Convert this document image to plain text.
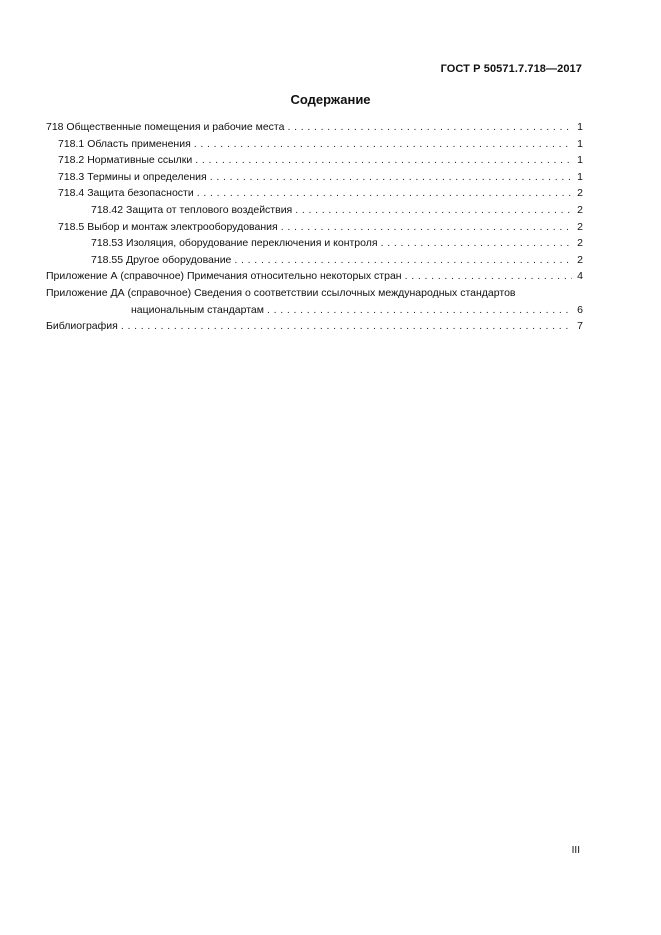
ГОСТ Р 50571.7.718—2017
Содержание
718 Общественные помещения и рабочие места . . .	1
718.1 Область применения . . .	1
718.2 Нормативные ссылки . . .	1
718.3 Термины и определения . . .	1
718.4 Защита безопасности . . .	2
718.42 Защита от теплового воздействия . . .	2
718.5 Выбор и монтаж электрооборудования . . .	2
718.53 Изоляция, оборудование переключения и контроля . . .	2
718.55 Другое оборудование . . .	2
Приложение А (справочное) Примечания относительно некоторых стран . . .	4
Приложение ДА (справочное) Сведения о соответствии ссылочных международных стандартов
национальным стандартам . . .	6
Библиография . . .	7
III
